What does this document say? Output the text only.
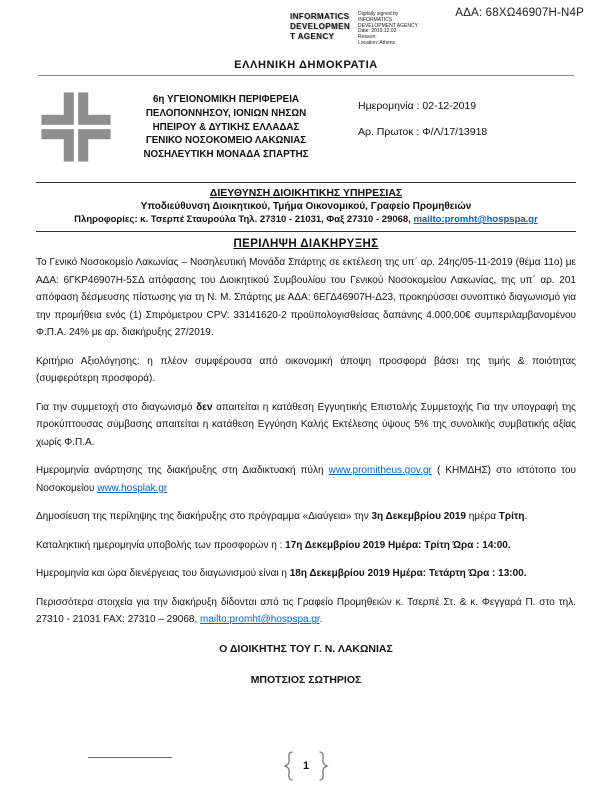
ΑΔΑ: 68ΧΩ46907Η-Ν4Ρ
INFORMATICS
DEVELOPMEN
T AGENCY
Digitally signed by
INFORMATICS
DEVELOPMENT AGENCY
Date: 2019.12.03
Reason:
Location: Athens
ΕΛΛΗΝΙΚΗ ΔΗΜΟΚΡΑΤΙΑ
6η ΥΓΕΙΟΝΟΜΙΚΗ ΠΕΡΙΦΕΡΕΙΑ
ΠΕΛΟΠΟΝΝΗΣΟΥ, ΙΟΝΙΩΝ ΝΗΣΩΝ
ΗΠΕΙΡΟΥ & ΔΥΤΙΚΗΣ ΕΛΛΑΔΑΣ
ΓΕΝΙΚΟ ΝΟΣΟΚΟΜΕΙΟ ΛΑΚΩΝΙΑΣ
ΝΟΣΗΛΕΥΤΙΚΗ ΜΟΝΑΔΑ ΣΠΑΡΤΗΣ
Ημερομηνία : 02-12-2019
Αρ. Πρωτοκ : Φ/Λ/17/13918
ΔΙΕΥΘΥΝΣΗ ΔΙΟΙΚΗΤΙΚΗΣ ΥΠΗΡΕΣΙΑΣ
Υποδιεύθυνση Διοικητικού, Τμήμα Οικονομικού, Γραφείο Προμηθειών
Πληροφορίες: κ. Τσερπέ Σταυρούλα Τηλ. 27310 - 21031, Φαξ 27310 - 29068, mailto:promht@hospspa.gr
ΠΕΡΙΛΗΨΗ ΔΙΑΚΗΡΥΞΗΣ

Το Γενικό Νοσοκομείο Λακωνίας – Νοσηλευτική Μονάδα Σπάρτης σε εκτέλεση της υπ΄ αρ. 24ης/05-11-2019 (θέμα 11ο) με ΑΔΑ: 6ΓΚΡ46907Η-5ΣΔ απόφασης του Διοικητικού Συμβουλίου του Γενικού Νοσοκομείου Λακωνίας, της υπ΄ αρ. 201 απόφαση δέσμευσης πίστωσης για τη Ν. Μ. Σπάρτης με ΑΔΑ: 6ΕΓΔ46907Η-Δ23, προκηρύσσει συνοπτικό διαγωνισμό για την προμήθεια ενός (1) Σπιρόμετρου CPV: 33141620-2 προϋπολογισθείσας δαπάνης 4.000,00€ συμπεριλαμβανομένου Φ.Π.Α. 24% με αρ. διακήρυξης 27/2019.

Κριτήριο Αξιολόγησης: η πλέον συμφέρουσα από οικονομική άποψη προσφορά βάσει της τιμής & ποιότητας (συμφερότερη προσφορά).

Για την συμμετοχή στο διαγωνισμό δεν απαιτείται η κατάθεση Εγγυητικής Επιστολής Συμμετοχής Για την υπογραφή της προκύπτουσας σύμβασης απαιτείται η κατάθεση Εγγύηση Καλής Εκτέλεσης ύψους 5% της συνολικής συμβατικής αξίας χωρίς Φ.Π.Α.

Ημερομηνία ανάρτησης της διακήρυξης στη Διαδικτυακή πύλη www.promitheus.gov.gr ( ΚΗΜΔΗΣ) στο ιστότοπο του Νοσοκομείου www.hosplak.gr

Δημοσίευση της περίληψης της διακήρυξης στο πρόγραμμα «Διαύγεια» την 3η Δεκεμβρίου 2019 ημέρα Τρίτη.

Καταληκτική ημερομηνία υποβολής των προσφορών η : 17η Δεκεμβρίου 2019 Ημέρα: Τρίτη Ώρα : 14:00.

Ημερομηνία και ώρα διενέργειας του διαγωνισμού είναι η 18η Δεκεμβρίου 2019 Ημέρα: Τετάρτη Ώρα : 13:00.

Περισσότερα στοιχεία για την διακήρυξη δίδονται από τις Γραφείο Προμηθειών κ. Τσερπέ Στ. & κ. Φεγγαρά Π. στο τηλ. 27310 - 21031 FAX: 27310 – 29068, mailto:promht@hospspa.gr.

Ο ΔΙΟΙΚΗΤΗΣ ΤΟΥ Γ. Ν. ΛΑΚΩΝΙΑΣ
ΜΠΟΤΣΙΟΣ ΣΩΤΗΡΙΟΣ
1
